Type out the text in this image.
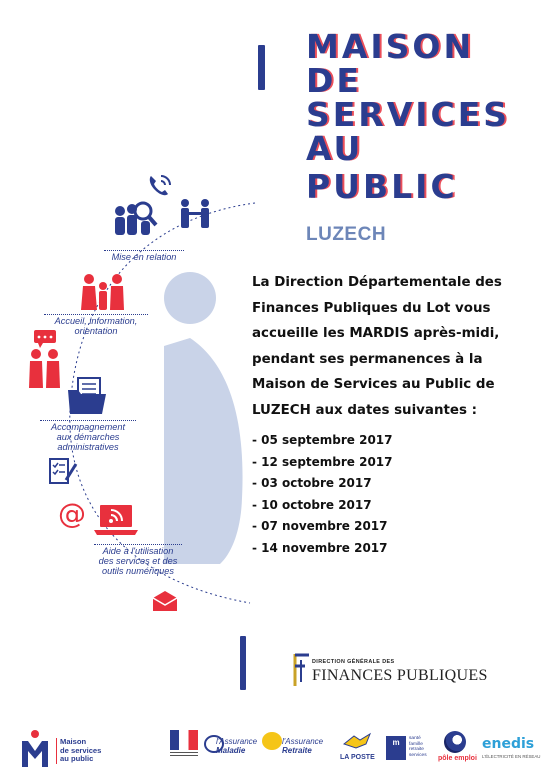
MAISON
DE
SERVICES
AU
PUBLIC
LUZECH
La Direction Départementale des
Finances Publiques du Lot vous
accueille les MARDIS après-midi,
pendant ses permanences à la
Maison de Services au Public de
LUZECH aux dates suivantes :
- 05 septembre 2017
- 12 septembre 2017
- 03 octobre 2017
- 10 octobre 2017
- 07 novembre 2017
- 14 novembre 2017
Mise en relation
Accueil, information,
orientation
Accompagnement
aux démarches
administratives
@
Aide à l'utilisation
des services et des
outils numériques
DIRECTION GÉNÉRALE DES
FINANCES PUBLIQUES
Maison
de services
au public
l'Assurance
Maladie
l'Assurance
Retraite
LA POSTE
m	santé
famille
retraite
services pôle emploi
enedis
L'ÉLECTRICITÉ EN RÉSEAU
